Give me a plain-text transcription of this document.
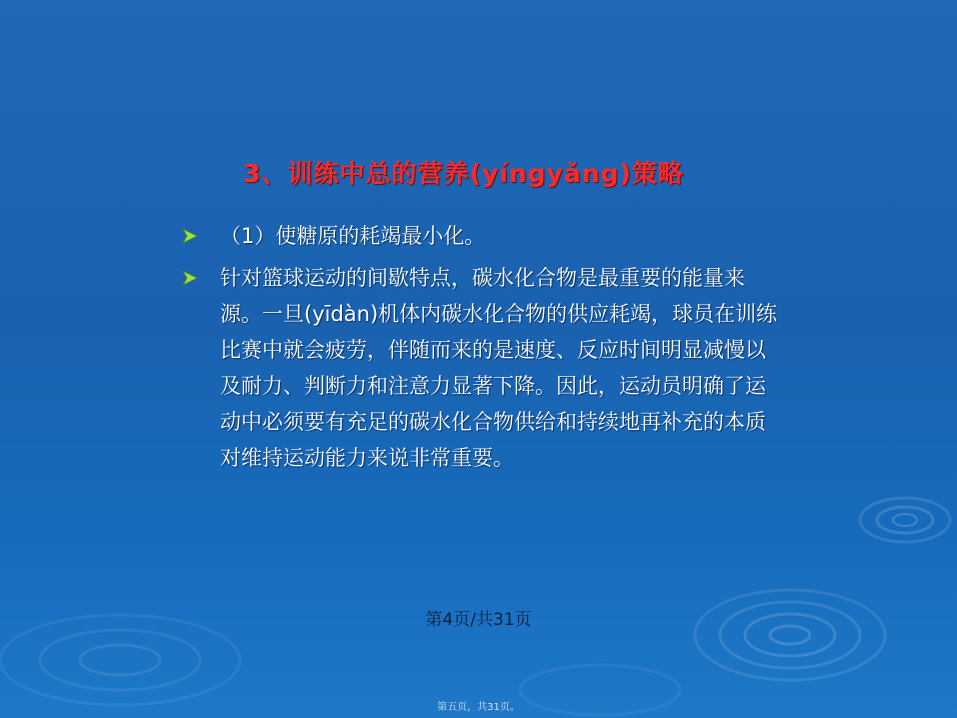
3、训练中总的营养(yíngyǎng)策略
（1）使糖原的耗竭最小化。
针对篮球运动的间歇特点，碳水化合物是最重要的能量来源。一旦(yīdàn)机体内碳水化合物的供应耗竭，球员在训练比赛中就会疲劳，伴随而来的是速度、反应时间明显减慢以及耐力、判断力和注意力显著下降。因此，运动员明确了运动中必须要有充足的碳水化合物供给和持续地再补充的本质对维持运动能力来说非常重要。
第4页/共31页
第五页，共31页。
